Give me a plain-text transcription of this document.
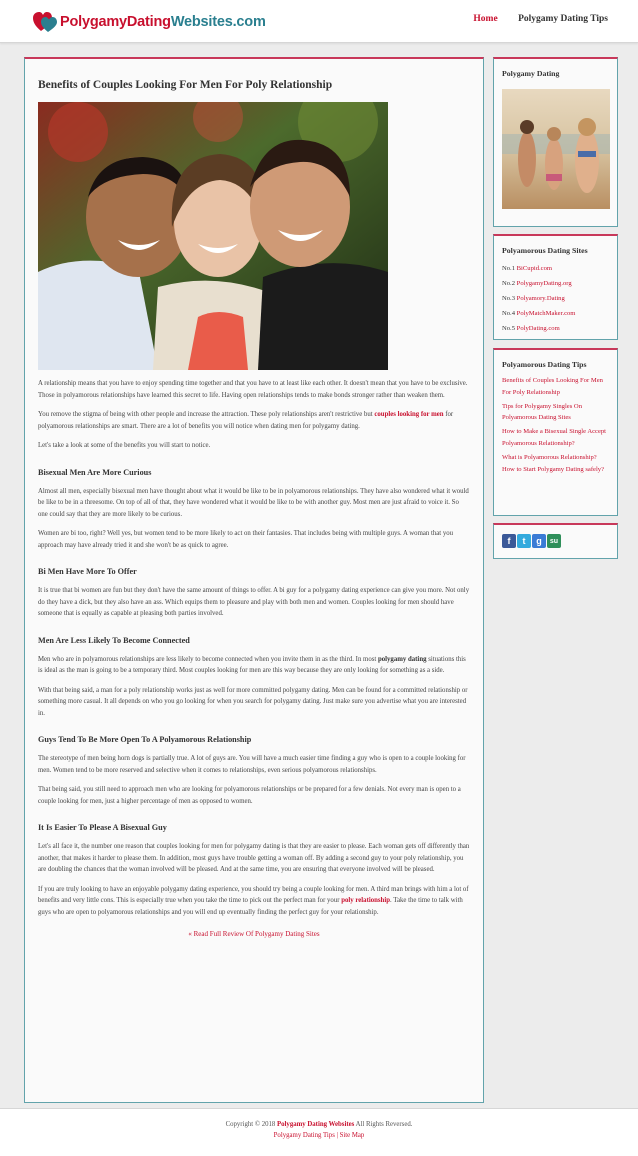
PolygamyDatingWebsites.com	Home Polygamy Dating Tips
Benefits of Couples Looking For Men For Poly Relationship

A relationship means that you have to enjoy spending time together and that you have to at least like each other. It doesn't mean that you have to be exclusive. Those in polyamorous relationships have learned this secret to life. Having open relationships tends to make bonds stronger rather than weaken them.

You remove the stigma of being with other people and increase the attraction. These poly relationships aren't restrictive but couples looking for men for polyamorous relationships are smart. There are a lot of benefits you will notice when dating men for polygamy dating.

Let's take a look at some of the benefits you will start to notice.

Bisexual Men Are More Curious

Almost all men, especially bisexual men have thought about what it would be like to be in polyamorous relationships. They have also wondered what it would be like to be in a threesome. On top of all of that, they have wondered what it would be like to be with another guy. Most men are just afraid to voice it. So one could say that they are more likely to be curious.

Women are bi too, right? Well yes, but women tend to be more likely to act on their fantasies. That includes being with multiple guys. A woman that you approach may have already tried it and she won't be as quick to agree.

Bi Men Have More To Offer

It is true that bi women are fun but they don't have the same amount of things to offer. A bi guy for a polygamy dating experience can give you more. Not only do they have a dick, but they also have an ass. Which equips them to pleasure and play with both men and women. Couples looking for men should have someone that is equally as capable at pleasing both parties involved.

Men Are Less Likely To Become Connected

Men who are in polyamorous relationships are less likely to become connected when you invite them in as the third. In most polygamy dating situations this is ideal as the man is going to be a temporary third. Most couples looking for men are this way because they are only looking for something as a side.

With that being said, a man for a poly relationship works just as well for more committed polygamy dating. Men can be found for a committed relationship or something more casual. It all depends on who you go looking for when you search for polygamy dating. Just make sure you advertise what you are interested in.

Guys Tend To Be More Open To A Polyamorous Relationship

The stereotype of men being horn dogs is partially true. A lot of guys are. You will have a much easier time finding a guy who is open to a couple looking for men. Women tend to be more reserved and selective when it comes to relationships, even serious polyamorous relationships.

That being said, you still need to approach men who are looking for polyamorous relationships or be prepared for a few denials. Not every man is open to a couple looking for men, just a higher percentage of men as opposed to women.

It Is Easier To Please A Bisexual Guy

Let's all face it, the number one reason that couples looking for men for polygamy dating is that they are easier to please. Each woman gets off differently than another, that makes it harder to please them. In addition, most guys have trouble getting a woman off. By adding a second guy to your poly relationship, you are doubling the chances that the woman involved will be pleased. And at the same time, you are ensuring that everyone involved will be pleased.

If you are truly looking to have an enjoyable polygamy dating experience, you should try being a couple looking for men. A third man brings with him a lot of benefits and very little cons. This is especially true when you take the time to pick out the perfect man for your poly relationship. Take the time to talk with guys who are open to polyamorous relationships and you will end up eventually finding the perfect guy for your relationship.

« Read Full Review Of Polygamy Dating Sites
Polygamy Dating
Polyamorous Dating Sites
No.1 BiCupid.com
No.2 PolygamyDating.org
No.3 Polyamory.Dating
No.4 PolyMatchMaker.com
No.5 PolyDating.com
Polyamorous Dating Tips
Benefits of Couples Looking For Men For Poly Relationship
Tips for Polygamy Singles On Polyamorous Dating Sites
How to Make a Bisexual Single Accept Polyamorous Relationship?
What is Polyamorous Relationship? How to Start Polygamy Dating safely?
f	t	g	su
Copyright © 2018 Polygamy Dating Websites All Rights Reversed.
Polygamy Dating Tips | Site Map
